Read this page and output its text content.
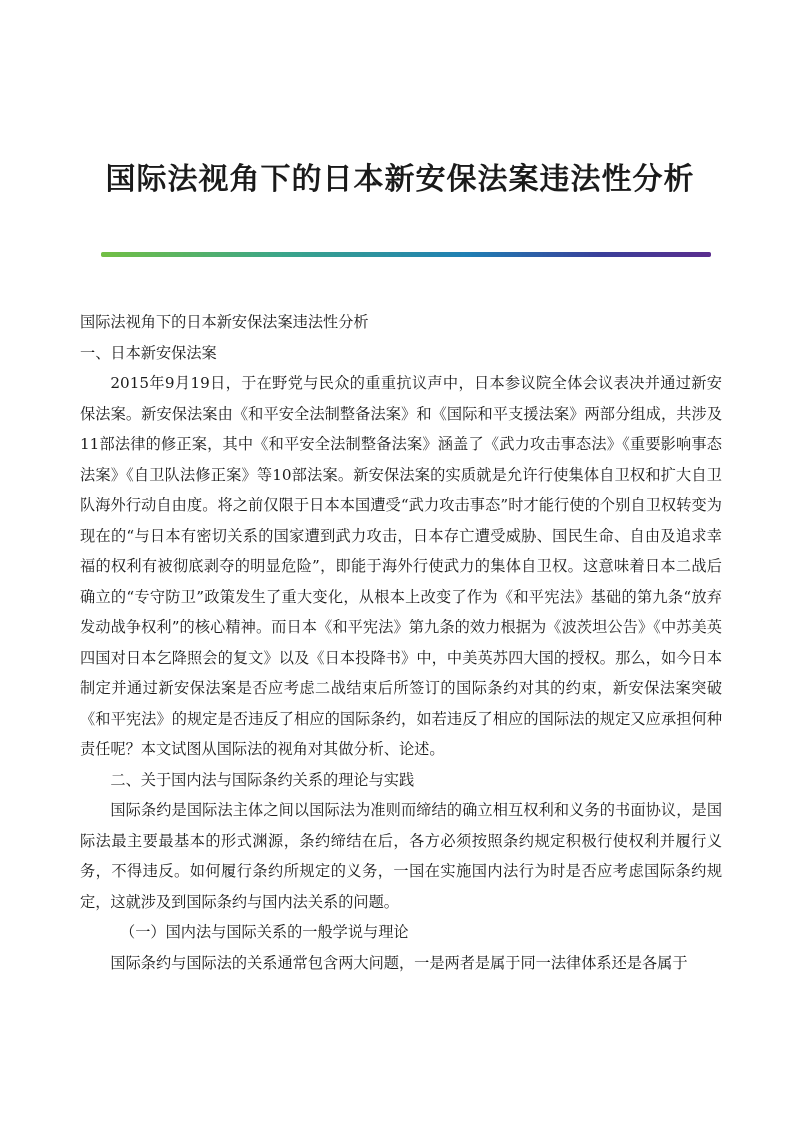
国际法视角下的日本新安保法案违法性分析

国际法视角下的日本新安保法案违法性分析

一、日本新安保法案

2015年9月19日，于在野党与民众的重重抗议声中，日本参议院全体会议表决并通过新安保法案。新安保法案由《和平安全法制整备法案》和《国际和平支援法案》两部分组成，共涉及11部法律的修正案，其中《和平安全法制整备法案》涵盖了《武力攻击事态法》《重要影响事态法案》《自卫队法修正案》等10部法案。新安保法案的实质就是允许行使集体自卫权和扩大自卫队海外行动自由度。将之前仅限于日本本国遭受“武力攻击事态”时才能行使的个别自卫权转变为现在的“与日本有密切关系的国家遭到武力攻击，日本存亡遭受威胁、国民生命、自由及追求幸福的权利有被彻底剥夺的明显危险”，即能于海外行使武力的集体自卫权。这意味着日本二战后确立的“专守防卫”政策发生了重大变化，从根本上改变了作为《和平宪法》基础的第九条“放弃发动战争权利”的核心精神。而日本《和平宪法》第九条的效力根据为《波茨坦公告》《中苏美英四国对日本乞降照会的复文》以及《日本投降书》中，中美英苏四大国的授权。那么，如今日本制定并通过新安保法案是否应考虑二战结束后所签订的国际条约对其的约束，新安保法案突破《和平宪法》的规定是否违反了相应的国际条约，如若违反了相应的国际法的规定又应承担何种责任呢？本文试图从国际法的视角对其做分析、论述。

二、关于国内法与国际条约关系的理论与实践

国际条约是国际法主体之间以国际法为准则而缔结的确立相互权利和义务的书面协议，是国际法最主要最基本的形式渊源，条约缔结在后，各方必须按照条约规定积极行使权利并履行义务，不得违反。如何履行条约所规定的义务，一国在实施国内法行为时是否应考虑国际条约规定，这就涉及到国际条约与国内法关系的问题。

（一）国内法与国际关系的一般学说与理论

国际条约与国际法的关系通常包含两大问题，一是两者是属于同一法律体系还是各属于
